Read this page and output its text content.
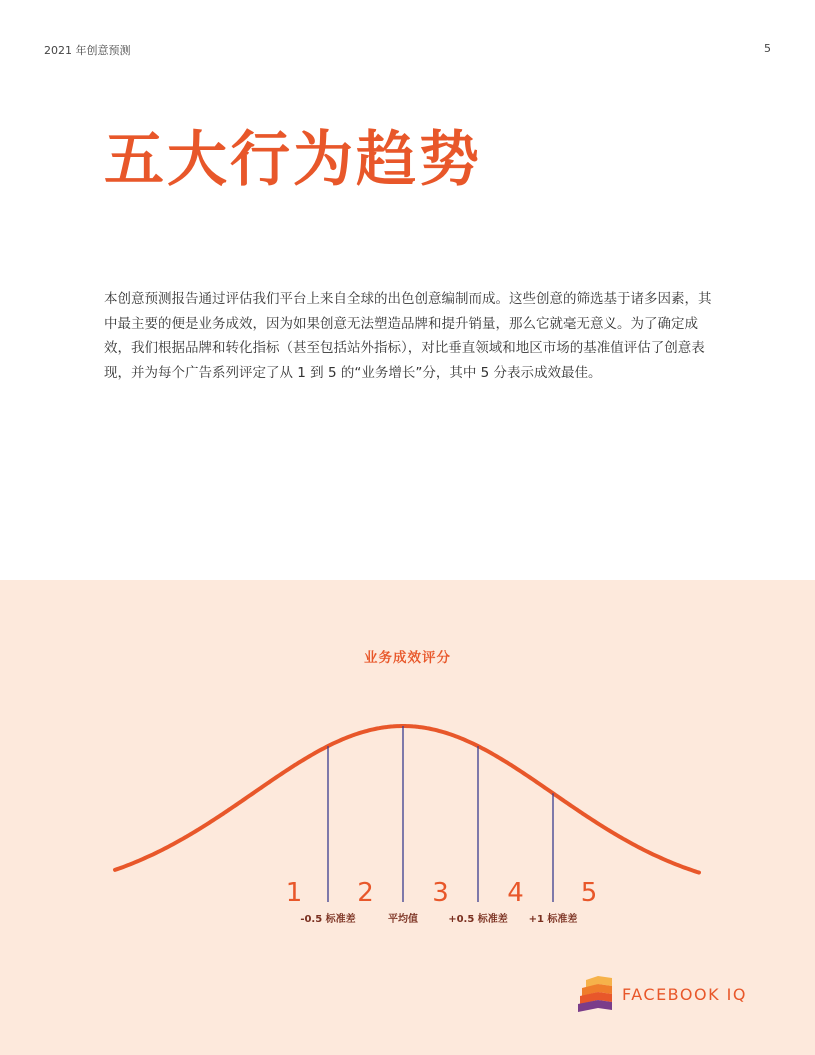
2021 年创意预测	5
五大行为趋势

本创意预测报告通过评估我们平台上来自全球的出色创意编制而成。这些创意的筛选基于诸多因素，其中最主要的便是业务成效，因为如果创意无法塑造品牌和提升销量，那么它就毫无意义。为了确定成效，我们根据品牌和转化指标（甚至包括站外指标），对比垂直领域和地区市场的基准值评估了创意表现，并为每个广告系列评定了从 1 到 5 的“业务增长”分，其中 5 分表示成效最佳。

业务成效评分
-0.5 标准差	平均值	+0.5 标准差 +1 标准差
1 2 3 4 5
FACEBOOK IQ
